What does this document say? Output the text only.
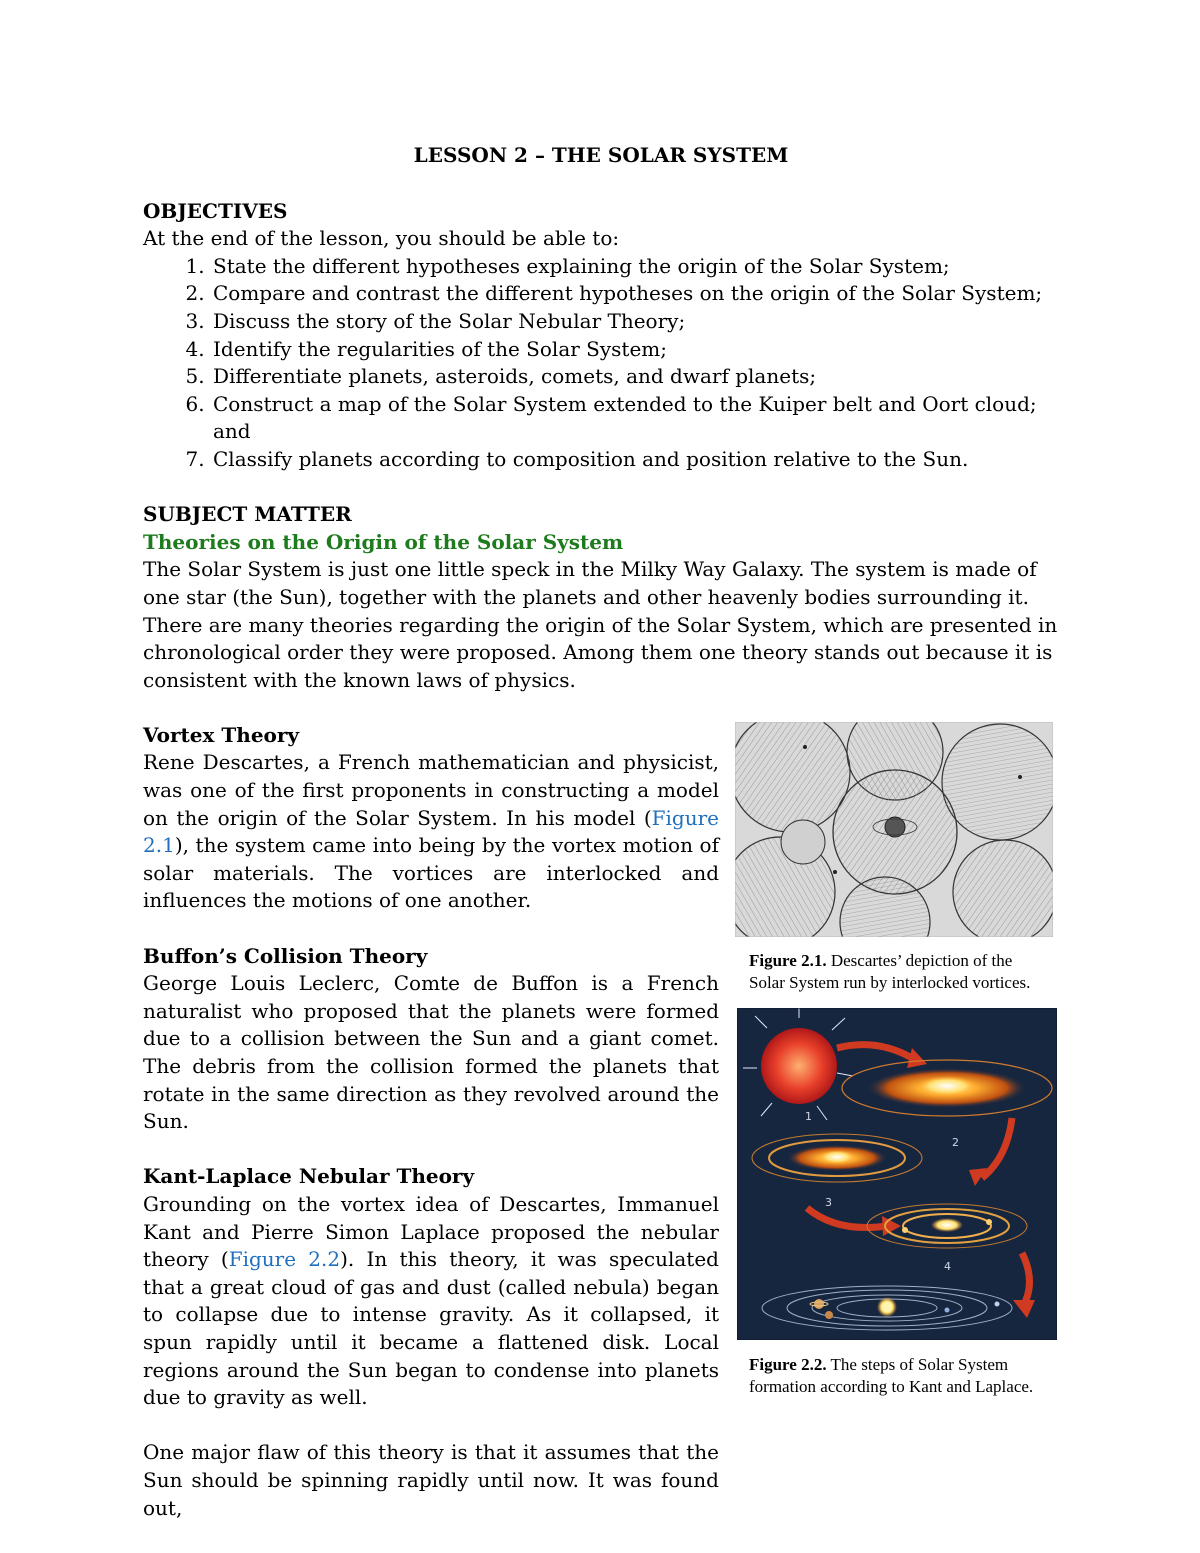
LESSON 2 – THE SOLAR SYSTEM

OBJECTIVES

At the end of the lesson, you should be able to:

1. State the different hypotheses explaining the origin of the Solar System;
2. Compare and contrast the different hypotheses on the origin of the Solar System;
3. Discuss the story of the Solar Nebular Theory;
4. Identify the regularities of the Solar System;
5. Differentiate planets, asteroids, comets, and dwarf planets;
6. Construct a map of the Solar System extended to the Kuiper belt and Oort cloud; and
7. Classify planets according to composition and position relative to the Sun.

SUBJECT MATTER

Theories on the Origin of the Solar System

The Solar System is just one little speck in the Milky Way Galaxy. The system is made of one star (the Sun), together with the planets and other heavenly bodies surrounding it. There are many theories regarding the origin of the Solar System, which are presented in chronological order they were proposed. Among them one theory stands out because it is consistent with the known laws of physics.

Vortex Theory

Rene Descartes, a French mathematician and physicist, was one of the first proponents in constructing a model on the origin of the Solar System. In his model (Figure 2.1), the system came into being by the vortex motion of solar materials. The vortices are interlocked and influences the motions of one another.

Buffon’s Collision Theory

George Louis Leclerc, Comte de Buffon is a French naturalist who proposed that the planets were formed due to a collision between the Sun and a giant comet. The debris from the collision formed the planets that rotate in the same direction as they revolved around the Sun.

Kant-Laplace Nebular Theory

Grounding on the vortex idea of Descartes, Immanuel Kant and Pierre Simon Laplace proposed the nebular theory (Figure 2.2). In this theory, it was speculated that a great cloud of gas and dust (called nebula) began to collapse due to intense gravity. As it collapsed, it spun rapidly until it became a flattened disk. Local regions around the Sun began to condense into planets due to gravity as well.

One major flaw of this theory is that it assumes that the Sun should be spinning rapidly until now. It was found out,

Figure 2.1. Descartes’ depiction of the Solar System run by interlocked vortices.

1
2
3
4

Figure 2.2. The steps of Solar System formation according to Kant and Laplace.
